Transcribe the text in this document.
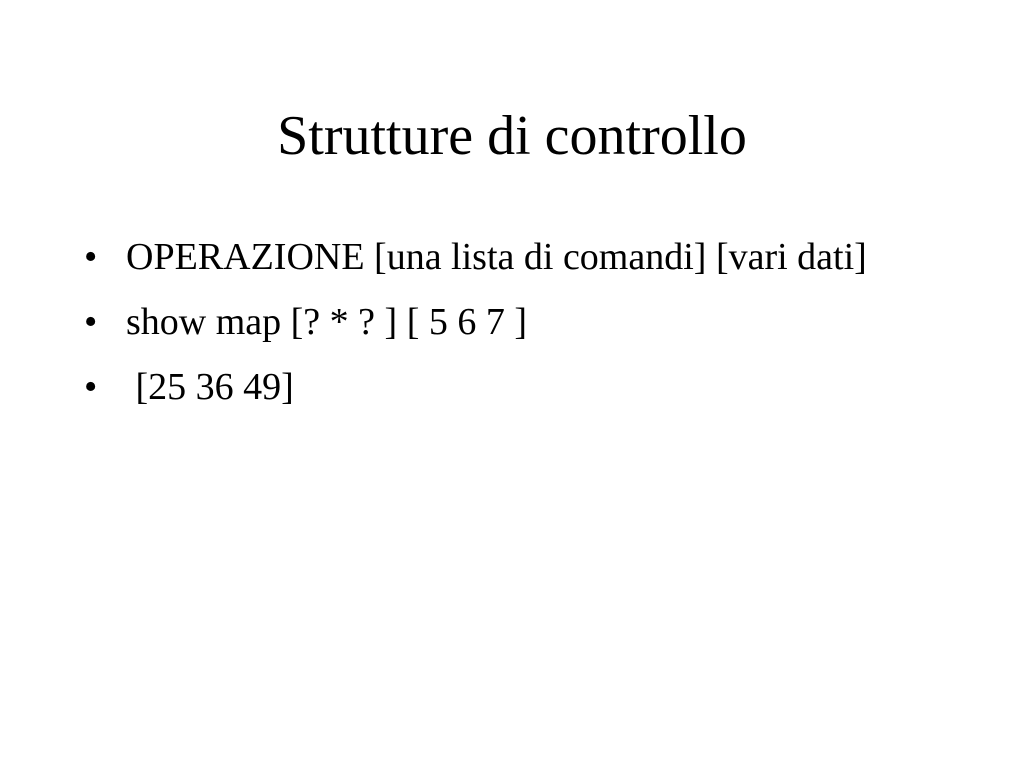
Strutture di controllo
• OPERAZIONE [una lista di comandi] [vari dati]
• show map [? * ? ] [ 5 6 7 ]
• [25 36 49]
